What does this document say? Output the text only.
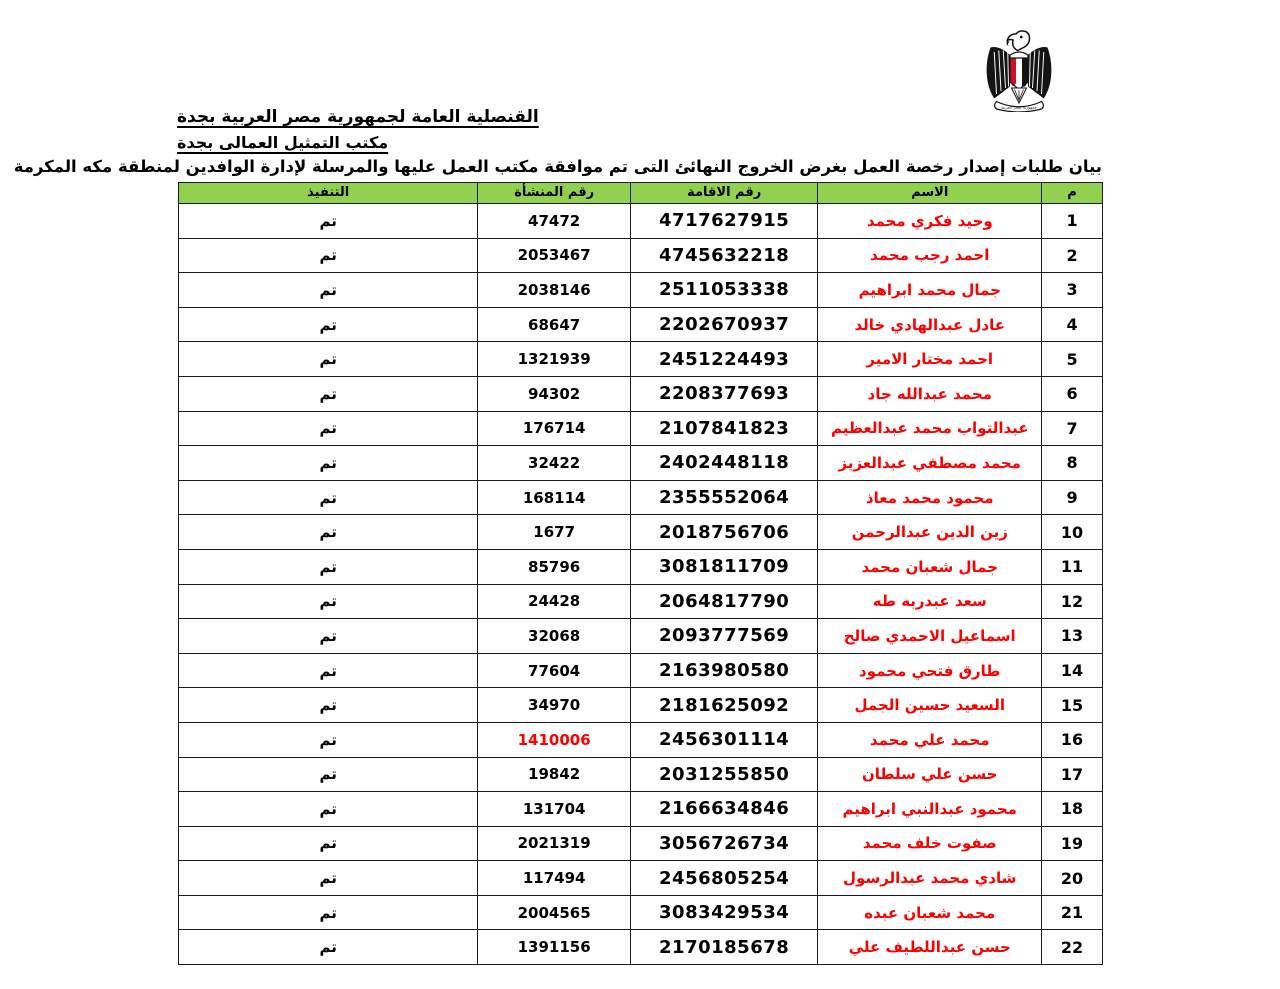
جمهورية مصر العربية
القنصلية العامة لجمهورية مصر العربية بجدة
مكتب التمثيل العمالى بجدة
بيان طلبات إصدار رخصة العمل بغرض الخروج النهائئ التى تم موافقة مكتب العمل عليها والمرسلة لإدارة الوافدين لمنطقة مكه المكرمة
م	الاسم	رقم الاقامة	رقم المنشأة	التنفيذ
1	وحيد فكري محمد	4717627915	47472	تم
2	احمد رجب محمد	4745632218	2053467	تم
3	جمال محمد ابراهيم	2511053338	2038146	تم
4	عادل عبدالهادي خالد	2202670937	68647	تم
5	احمد مختار الامير	2451224493	1321939	تم
6	محمد عبدالله جاد	2208377693	94302	تم
7	عبدالتواب محمد عبدالعظيم	2107841823	176714	تم
8	محمد مصطفي عبدالعزيز	2402448118	32422	تم
9	محمود محمد معاذ	2355552064	168114	تم
10	زين الدين عبدالرحمن	2018756706	1677	تم
11	جمال شعبان محمد	3081811709	85796	تم
12	سعد عبدربه طه	2064817790	24428	تم
13	اسماعيل الاحمدي صالح	2093777569	32068	تم
14	طارق فتحي محمود	2163980580	77604	تم
15	السعيد حسين الجمل	2181625092	34970	تم
16	محمد علي محمد	2456301114	1410006	تم
17	حسن علي سلطان	2031255850	19842	تم
18	محمود عبدالنبي ابراهيم	2166634846	131704	تم
19	صفوت خلف محمد	3056726734	2021319	تم
20	شادي محمد عبدالرسول	2456805254	117494	تم
21	محمد شعبان عبده	3083429534	2004565	تم
22	حسن عبداللطيف علي	2170185678	1391156	تم
